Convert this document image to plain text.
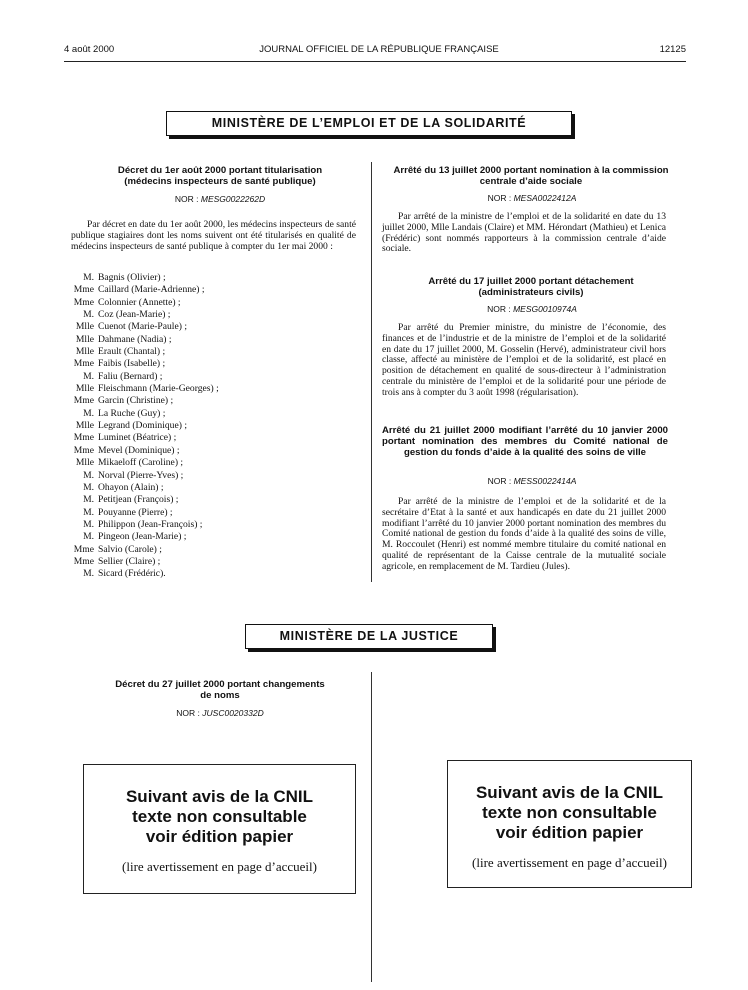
4 août 2000	JOURNAL OFFICIEL DE LA RÉPUBLIQUE FRANÇAISE	12125
MINISTÈRE DE L’EMPLOI ET DE LA SOLIDARITÉ
Décret du 1er août 2000 portant titularisation (médecins inspecteurs de santé publique)
NOR : MESG0022262D

Par décret en date du 1er août 2000, les médecins inspecteurs de santé publique stagiaires dont les noms suivent ont été titularisés en qualité de médecins inspecteurs de santé publique à compter du 1er mai 2000 :

M. Bagnis (Olivier) ;
Mme Caillard (Marie-Adrienne) ;
Mme Colonnier (Annette) ;
M. Coz (Jean-Marie) ;
Mlle Cuenot (Marie-Paule) ;
Mlle Dahmane (Nadia) ;
Mlle Erault (Chantal) ;
Mme Faibis (Isabelle) ;
M. Faliu (Bernard) ;
Mlle Fleischmann (Marie-Georges) ;
Mme Garcin (Christine) ;
M. La Ruche (Guy) ;
Mlle Legrand (Dominique) ;
Mme Luminet (Béatrice) ;
Mme Mevel (Dominique) ;
Mlle Mikaeloff (Caroline) ;
M. Norval (Pierre-Yves) ;
M. Ohayon (Alain) ;
M. Petitjean (François) ;
M. Pouyanne (Pierre) ;
M. Philippon (Jean-François) ;
M. Pingeon (Jean-Marie) ;
Mme Salvio (Carole) ;
Mme Sellier (Claire) ;
M. Sicard (Frédéric).
Arrêté du 13 juillet 2000 portant nomination à la commission centrale d’aide sociale
NOR : MESA0022412A

Par arrêté de la ministre de l’emploi et de la solidarité en date du 13 juillet 2000, Mlle Landais (Claire) et MM. Hérondart (Mathieu) et Lenica (Frédéric) sont nommés rapporteurs à la commission centrale d’aide sociale.

Arrêté du 17 juillet 2000 portant détachement (administrateurs civils)
NOR : MESG0010974A

Par arrêté du Premier ministre, du ministre de l’économie, des finances et de l’industrie et de la ministre de l’emploi et de la solidarité en date du 17 juillet 2000, M. Gosselin (Hervé), administrateur civil hors classe, affecté au ministère de l’emploi et de la solidarité, est placé en position de détachement en qualité de sous-directeur à l’administration centrale du ministère de l’emploi et de la solidarité pour une période de trois ans à compter du 3 août 1998 (régularisation).

Arrêté du 21 juillet 2000 modifiant l’arrêté du 10 janvier 2000 portant nomination des membres du Comité national de gestion du fonds d’aide à la qualité des soins de ville
NOR : MESS0022414A

Par arrêté de la ministre de l’emploi et de la solidarité et de la secrétaire d’Etat à la santé et aux handicapés en date du 21 juillet 2000 modifiant l’arrêté du 10 janvier 2000 portant nomination des membres du Comité national de gestion du fonds d’aide à la qualité des soins de ville, M. Roccoulet (Henri) est nommé membre titulaire du comité national en qualité de représentant de la Caisse centrale de la mutualité sociale agricole, en remplacement de M. Tardieu (Jules).

MINISTÈRE DE LA JUSTICE
Décret du 27 juillet 2000 portant changements de noms
NOR : JUSC0020332D
Suivant avis de la CNIL
texte non consultable
voir édition papier
(lire avertissement en page d’accueil)
Suivant avis de la CNIL
texte non consultable
voir édition papier
(lire avertissement en page d’accueil)
